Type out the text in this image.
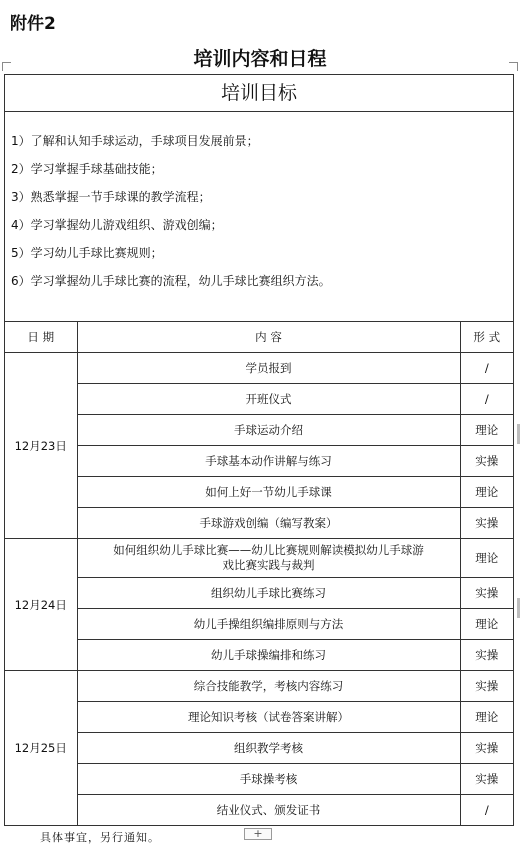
附件2
培训内容和日程
培训目标
1）了解和认知手球运动，手球项目发展前景；
2）学习掌握手球基础技能；
3）熟悉掌握一节手球课的教学流程；
4）学习掌握幼儿游戏组织、游戏创编；
5）学习幼儿手球比赛规则；
6）学习掌握幼儿手球比赛的流程，幼儿手球比赛组织方法。
日 期	内 容	形 式
12月23日	学员报到	/
	开班仪式	/
	手球运动介绍	理论
	手球基本动作讲解与练习	实操
	如何上好一节幼儿手球课	理论
	手球游戏创编（编写教案）	实操
12月24日	如何组织幼儿手球比赛——幼儿比赛规则解读模拟幼儿手球游
戏比赛实践与裁判	理论
	组织幼儿手球比赛练习	实操
	幼儿手操组织编排原则与方法	理论
	幼儿手球操编排和练习	实操
12月25日	综合技能教学，考核内容练习	实操
	理论知识考核（试卷答案讲解）	理论
	组织教学考核	实操
	手球操考核	实操
	结业仪式、颁发证书	/
具体事宜，另行通知。	+
